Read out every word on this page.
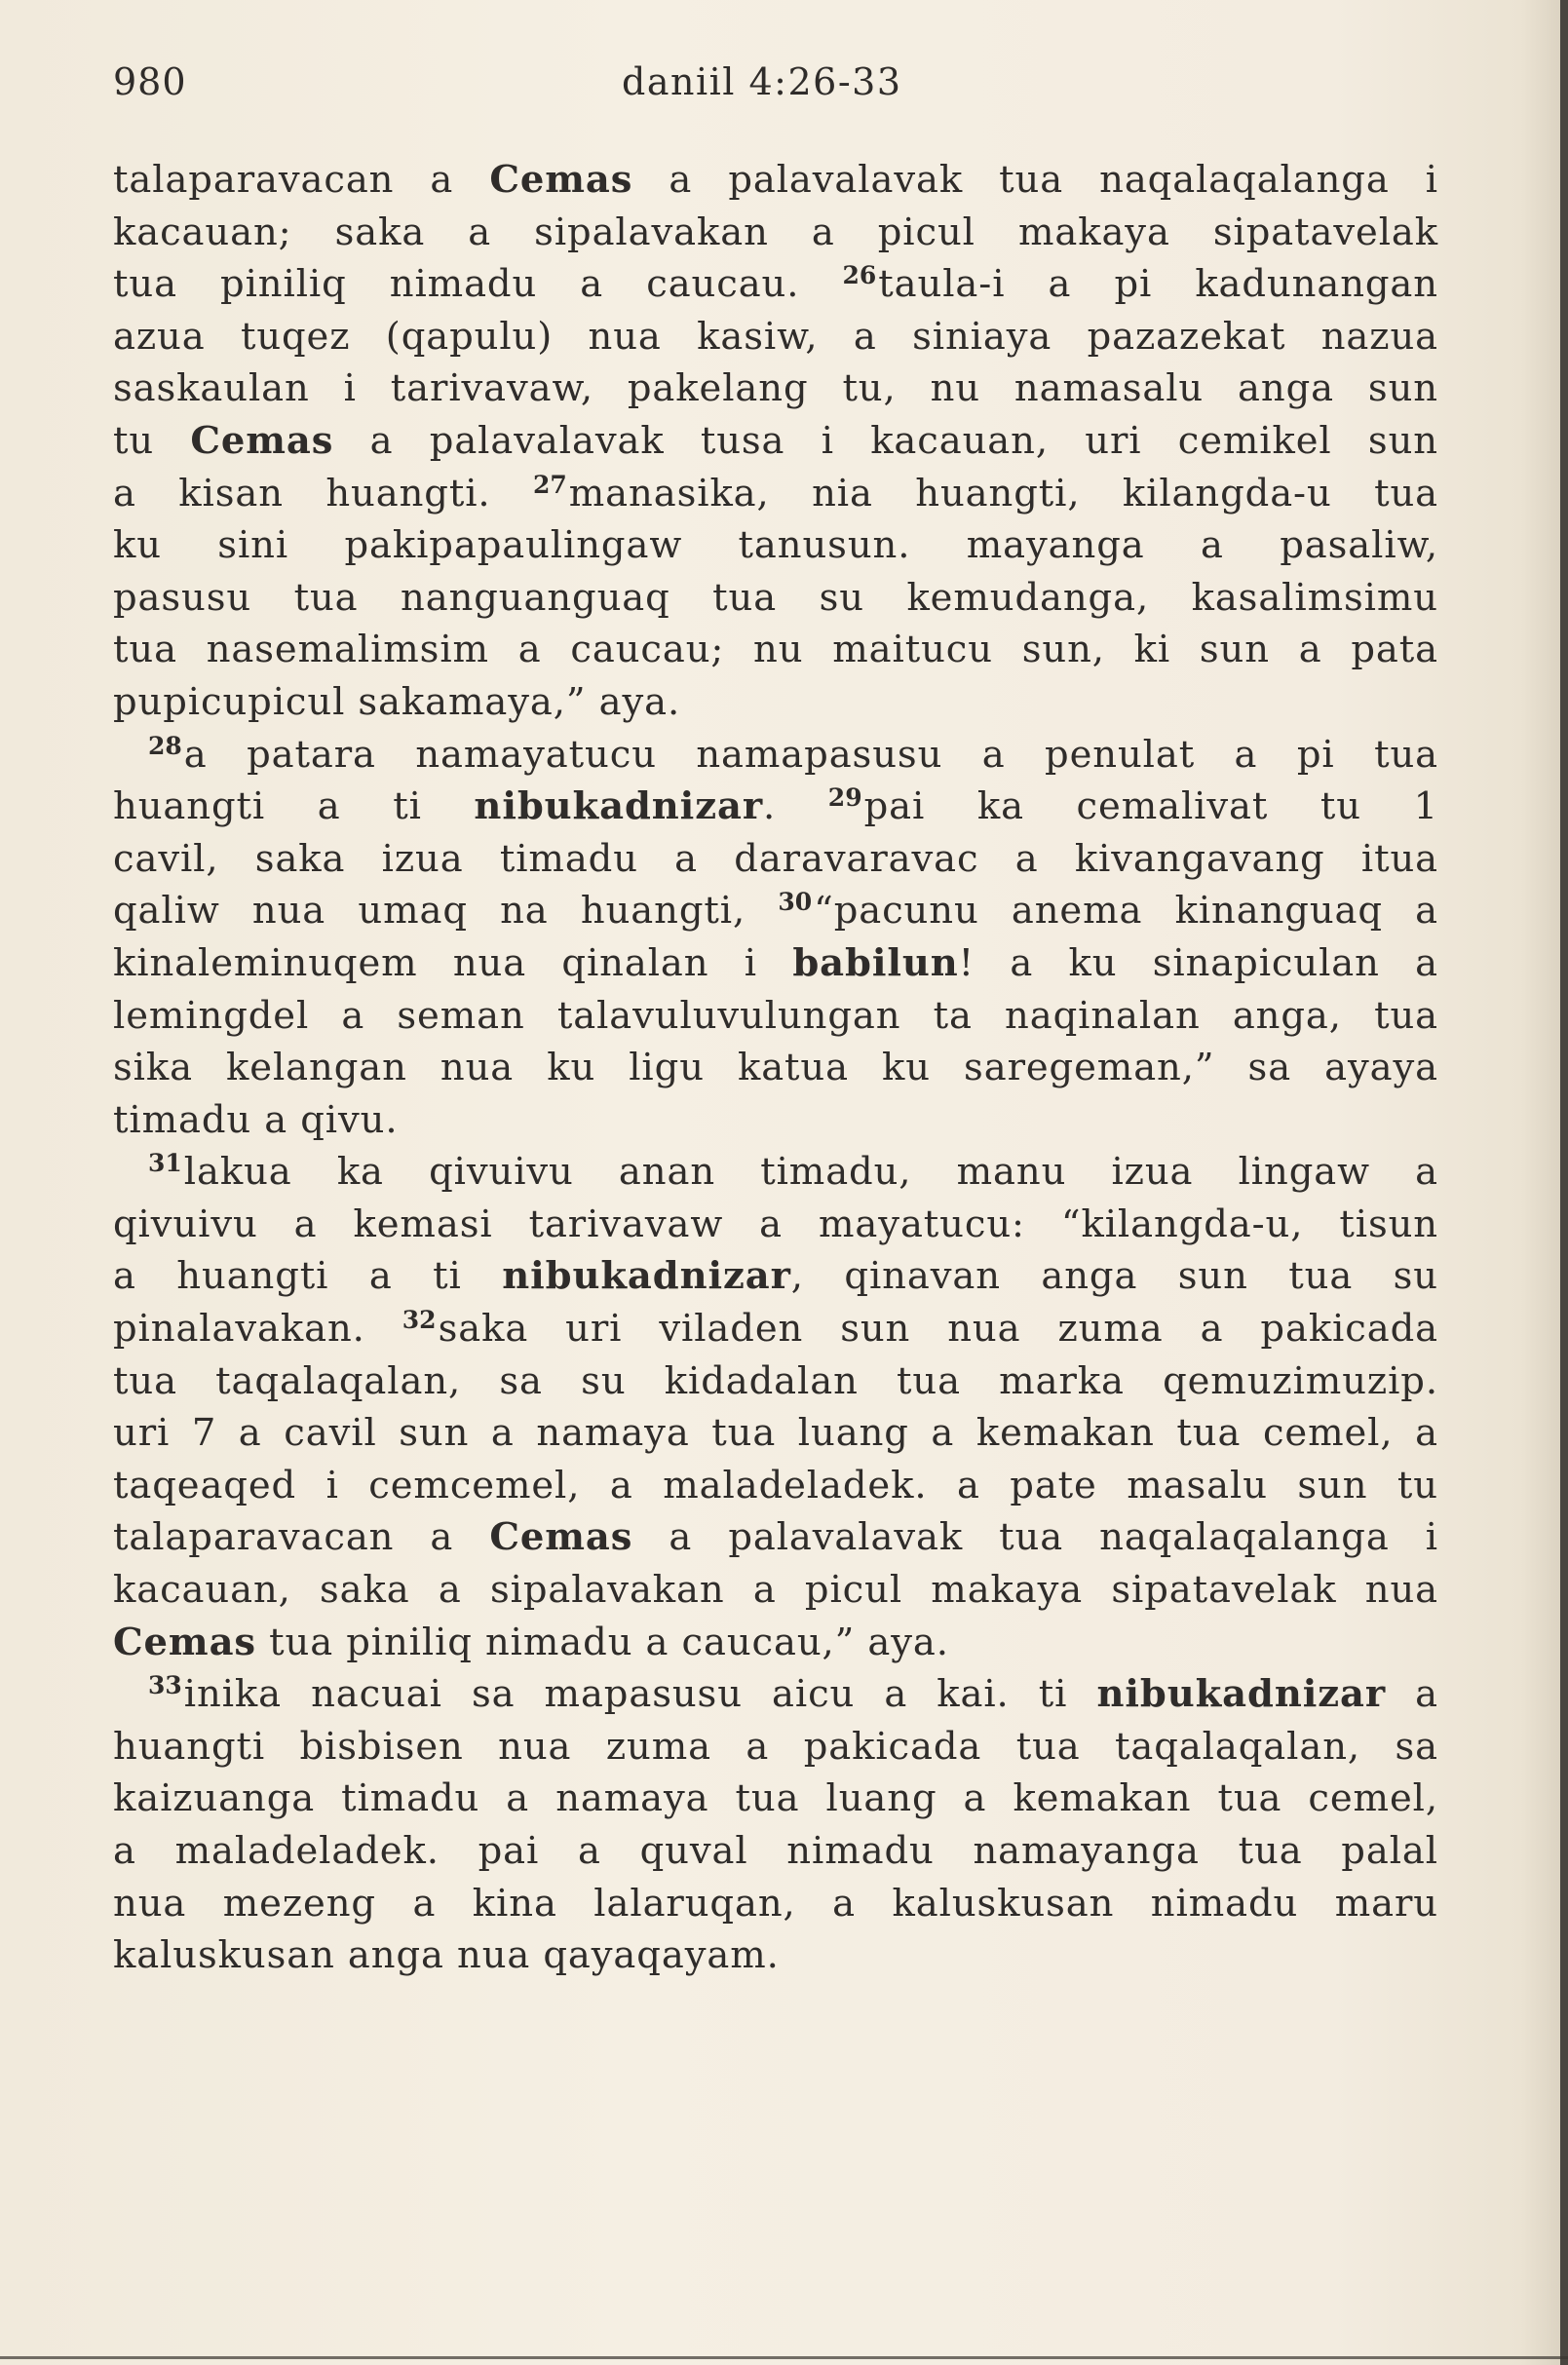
980	daniil 4:26-33
talaparavacan a Cemas a palavalavak tua naqalaqalanga i
kacauan; saka a sipalavakan a picul makaya sipatavelak
tua piniliq nimadu a caucau. $^{26}$taula-i a pi kadunangan
azua tuqez (qapulu) nua kasiw, a siniaya pazazekat nazua
saskaulan i tarivavaw, pakelang tu, nu namasalu anga sun
tu Cemas a palavalavak tusa i kacauan, uri cemikel sun
a kisan huangti. $^{27}$manasika, nia huangti, kilangda-u tua
ku sini pakipapaulingaw tanusun. mayanga a pasaliw,
pasusu tua nanguanguaq tua su kemudanga, kasalimsimu
tua nasemalimsim a caucau; nu maitucu sun, ki sun a pata
pupicupicul sakamaya,” aya.
$^{28}$a patara namayatucu namapasusu a penulat a pi tua
huangti a ti nibukadnizar. $^{29}$pai ka cemalivat tu 1
cavil, saka izua timadu a daravaravac a kivangavang itua
qaliw nua umaq na huangti, $^{30}$“pacunu anema kinanguaq a
kinaleminuqem nua qinalan i babilun! a ku sinapiculan a
lemingdel a seman talavuluvulungan ta naqinalan anga, tua
sika kelangan nua ku ligu katua ku saregeman,” sa ayaya
timadu a qivu.
$^{31}$lakua ka qivuivu anan timadu, manu izua lingaw a
qivuivu a kemasi tarivavaw a mayatucu: “kilangda-u, tisun
a huangti a ti nibukadnizar, qinavan anga sun tua su
pinalavakan. $^{32}$saka uri viladen sun nua zuma a pakicada
tua taqalaqalan, sa su kidadalan tua marka qemuzimuzip.
uri 7 a cavil sun a namaya tua luang a kemakan tua cemel, a
taqeaqed i cemcemel, a maladeladek. a pate masalu sun tu
talaparavacan a Cemas a palavalavak tua naqalaqalanga i
kacauan, saka a sipalavakan a picul makaya sipatavelak nua
Cemas tua piniliq nimadu a caucau,” aya.
$^{33}$inika nacuai sa mapasusu aicu a kai. ti nibukadnizar a
huangti bisbisen nua zuma a pakicada tua taqalaqalan, sa
kaizuanga timadu a namaya tua luang a kemakan tua cemel,
a maladeladek. pai a quval nimadu namayanga tua palal
nua mezeng a kina lalaruqan, a kaluskusan nimadu maru
kaluskusan anga nua qayaqayam.
